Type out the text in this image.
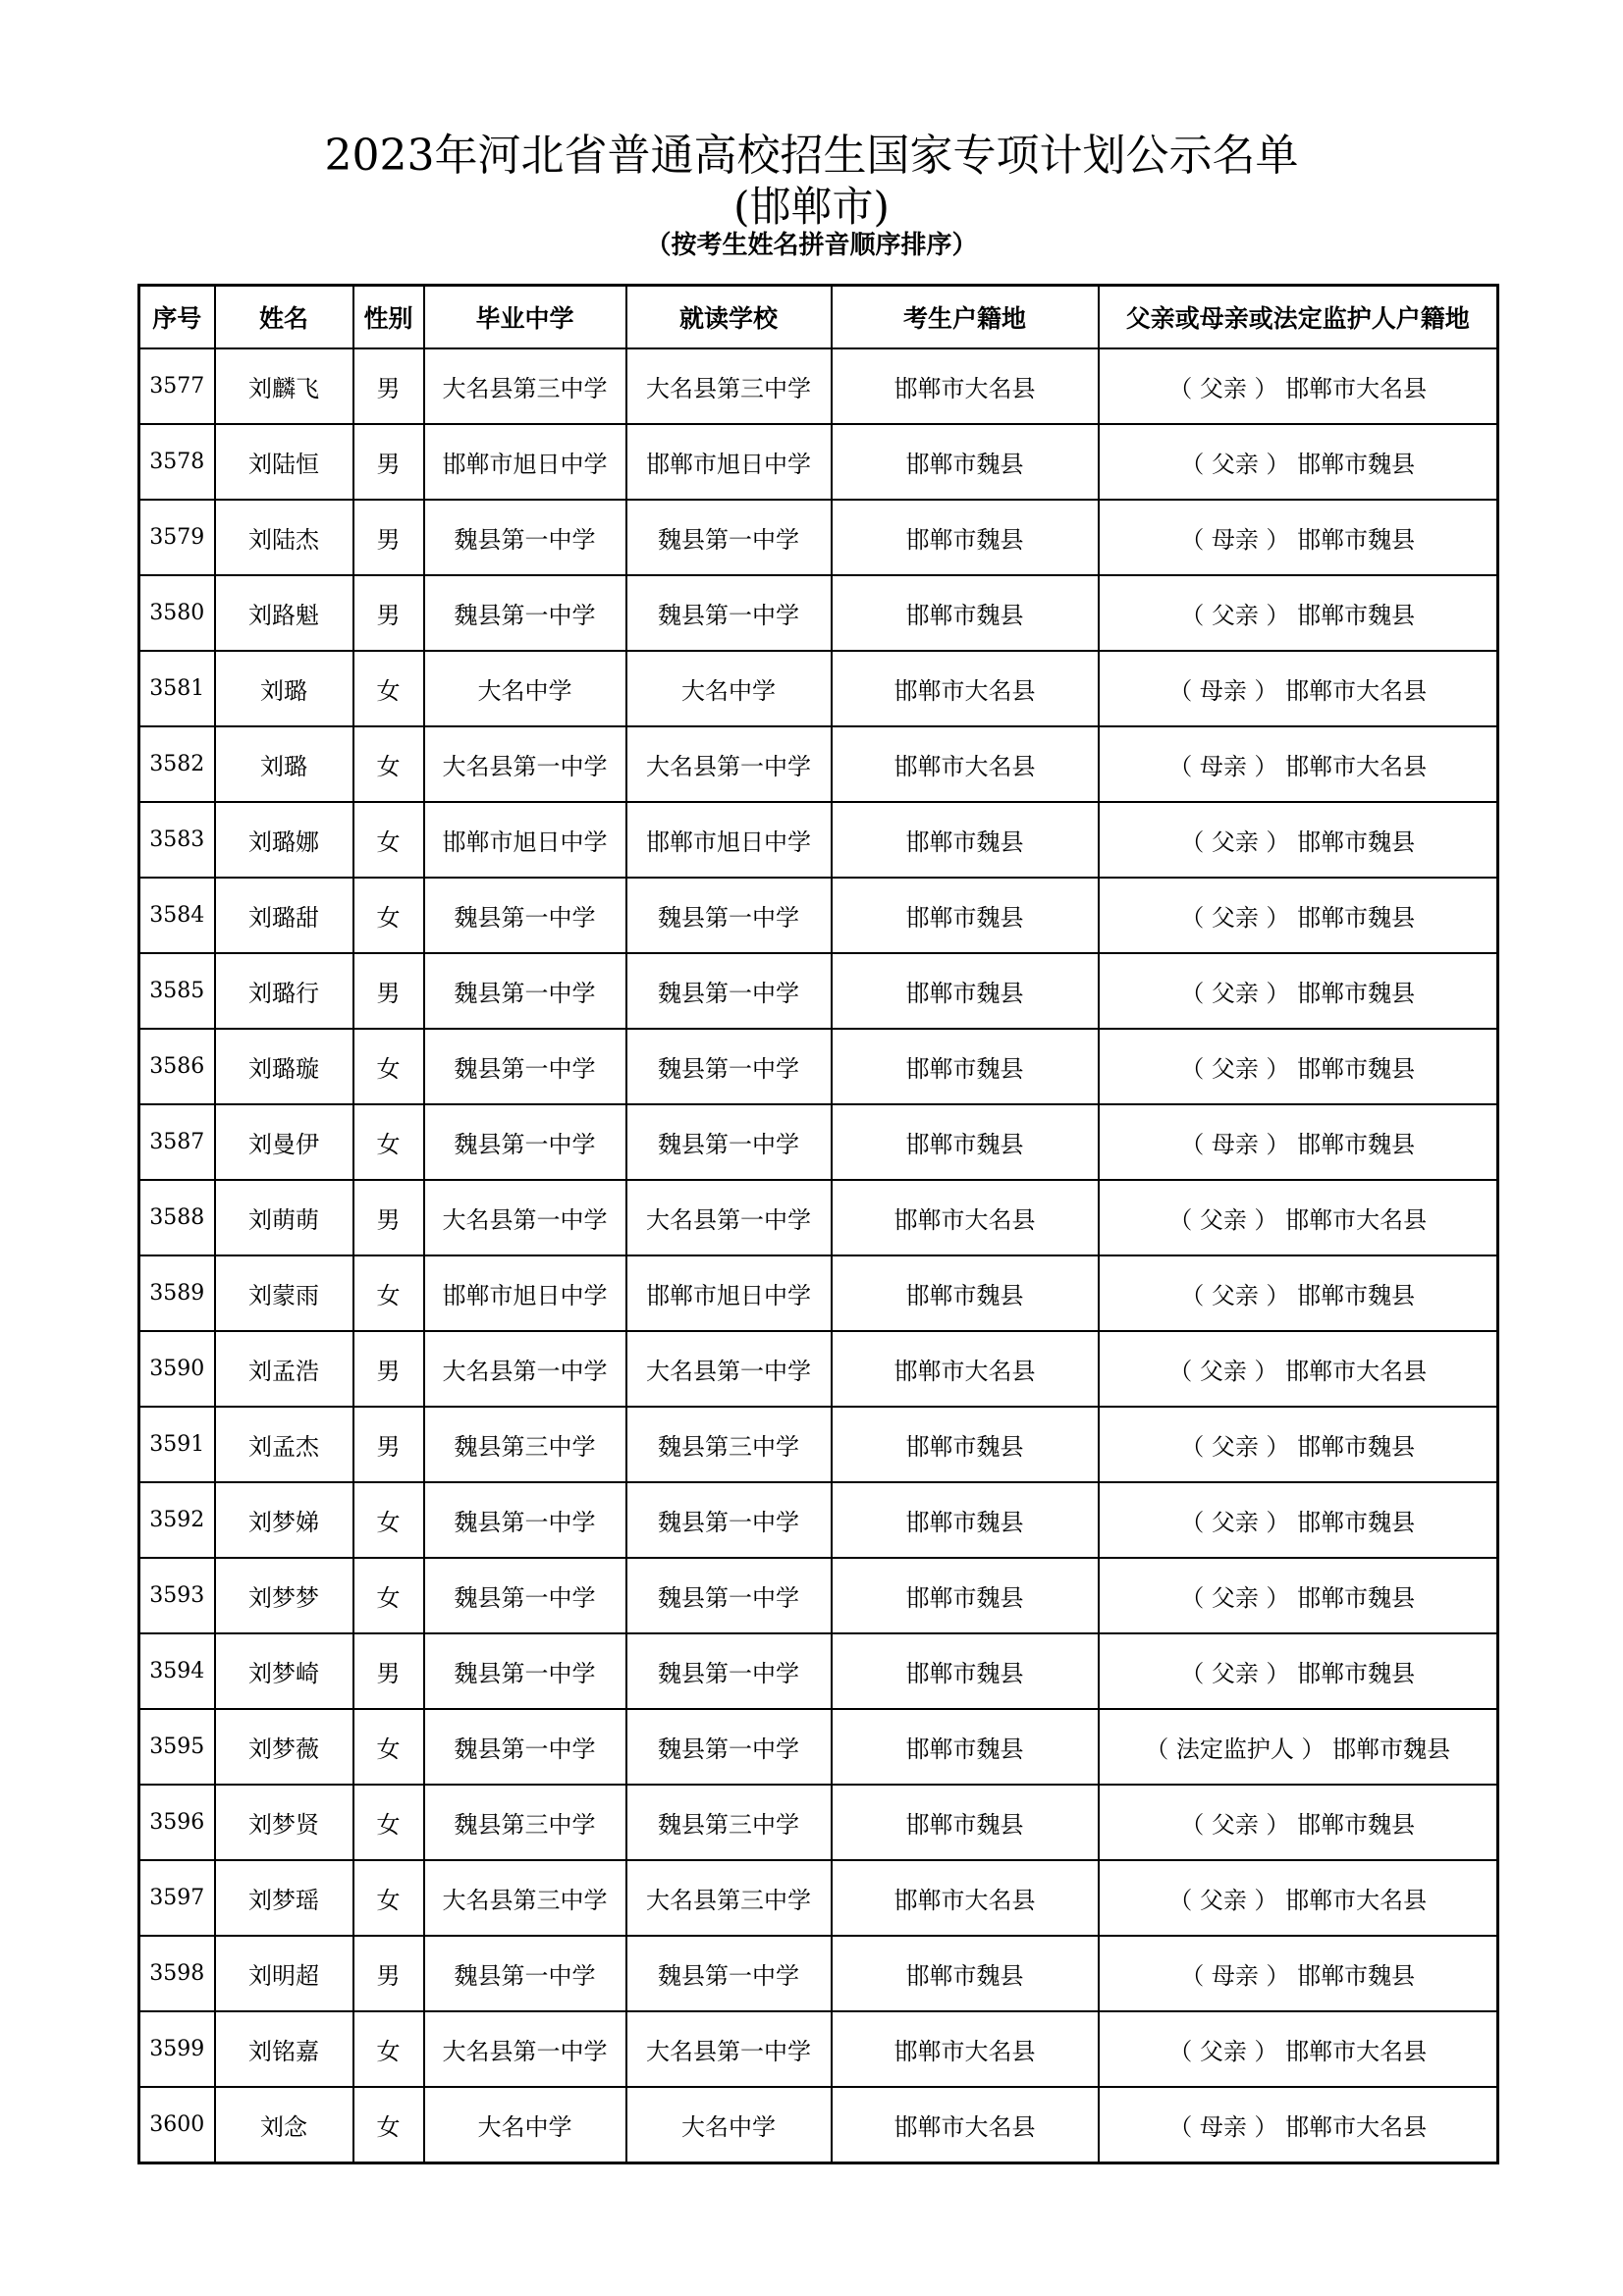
2023年河北省普通高校招生国家专项计划公示名单
(邯郸市)
（按考生姓名拼音顺序排序）
序号	姓名	性别	毕业中学	就读学校	考生户籍地	父亲或母亲或法定监护人户籍地
3577	刘麟飞	男	大名县第三中学	大名县第三中学	邯郸市大名县	（ 父亲 ） 邯郸市大名县
3578	刘陆恒	男	邯郸市旭日中学	邯郸市旭日中学	邯郸市魏县	（ 父亲 ） 邯郸市魏县
3579	刘陆杰	男	魏县第一中学	魏县第一中学	邯郸市魏县	（ 母亲 ） 邯郸市魏县
3580	刘路魁	男	魏县第一中学	魏县第一中学	邯郸市魏县	（ 父亲 ） 邯郸市魏县
3581	刘璐	女	大名中学	大名中学	邯郸市大名县	（ 母亲 ） 邯郸市大名县
3582	刘璐	女	大名县第一中学	大名县第一中学	邯郸市大名县	（ 母亲 ） 邯郸市大名县
3583	刘璐娜	女	邯郸市旭日中学	邯郸市旭日中学	邯郸市魏县	（ 父亲 ） 邯郸市魏县
3584	刘璐甜	女	魏县第一中学	魏县第一中学	邯郸市魏县	（ 父亲 ） 邯郸市魏县
3585	刘璐行	男	魏县第一中学	魏县第一中学	邯郸市魏县	（ 父亲 ） 邯郸市魏县
3586	刘璐璇	女	魏县第一中学	魏县第一中学	邯郸市魏县	（ 父亲 ） 邯郸市魏县
3587	刘曼伊	女	魏县第一中学	魏县第一中学	邯郸市魏县	（ 母亲 ） 邯郸市魏县
3588	刘萌萌	男	大名县第一中学	大名县第一中学	邯郸市大名县	（ 父亲 ） 邯郸市大名县
3589	刘蒙雨	女	邯郸市旭日中学	邯郸市旭日中学	邯郸市魏县	（ 父亲 ） 邯郸市魏县
3590	刘孟浩	男	大名县第一中学	大名县第一中学	邯郸市大名县	（ 父亲 ） 邯郸市大名县
3591	刘孟杰	男	魏县第三中学	魏县第三中学	邯郸市魏县	（ 父亲 ） 邯郸市魏县
3592	刘梦娣	女	魏县第一中学	魏县第一中学	邯郸市魏县	（ 父亲 ） 邯郸市魏县
3593	刘梦梦	女	魏县第一中学	魏县第一中学	邯郸市魏县	（ 父亲 ） 邯郸市魏县
3594	刘梦崎	男	魏县第一中学	魏县第一中学	邯郸市魏县	（ 父亲 ） 邯郸市魏县
3595	刘梦薇	女	魏县第一中学	魏县第一中学	邯郸市魏县	（ 法定监护人 ） 邯郸市魏县
3596	刘梦贤	女	魏县第三中学	魏县第三中学	邯郸市魏县	（ 父亲 ） 邯郸市魏县
3597	刘梦瑶	女	大名县第三中学	大名县第三中学	邯郸市大名县	（ 父亲 ） 邯郸市大名县
3598	刘明超	男	魏县第一中学	魏县第一中学	邯郸市魏县	（ 母亲 ） 邯郸市魏县
3599	刘铭嘉	女	大名县第一中学	大名县第一中学	邯郸市大名县	（ 父亲 ） 邯郸市大名县
3600	刘念	女	大名中学	大名中学	邯郸市大名县	（ 母亲 ） 邯郸市大名县
